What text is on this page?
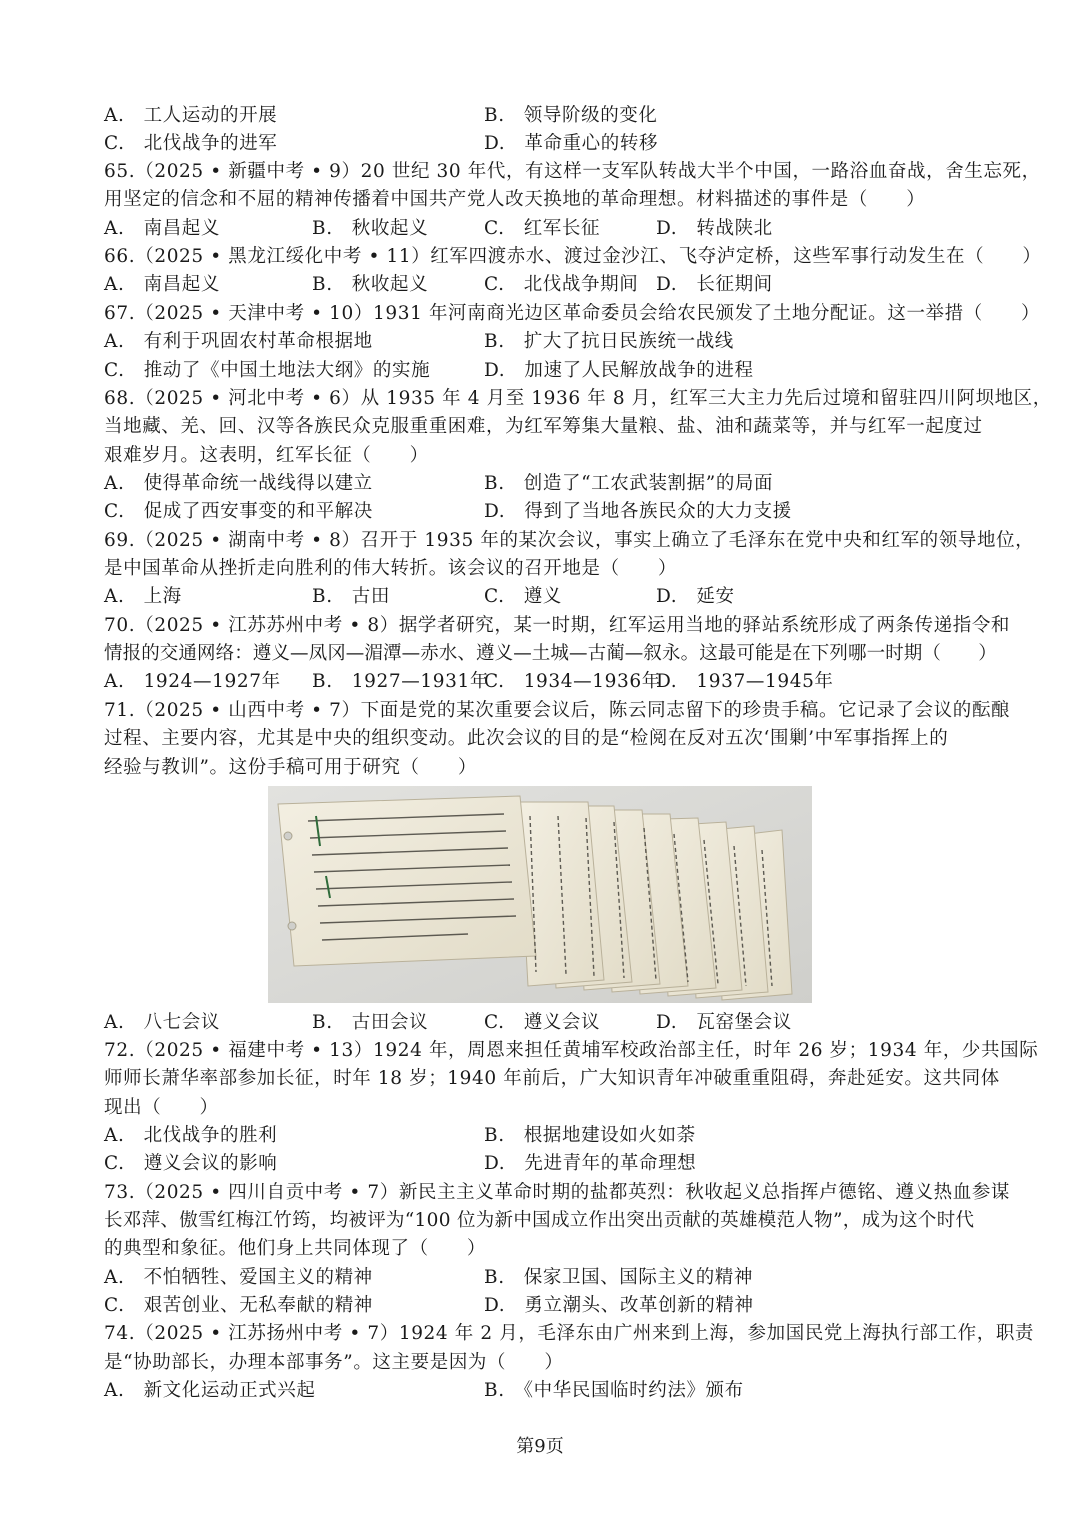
A.　 工人运动的开展	B.　 领导阶级的变化
C.　 北伐战争的进军	D.　 革命重心的转移
65.（2025 • 新疆中考 • 9）20 世纪 30 年代，有这样一支军队转战大半个中国，一路浴血奋战，舍生忘死，
用坚定的信念和不屈的精神传播着中国共产党人改天换地的革命理想。材料描述的事件是（　　）
A.　 南昌起义	B.　 秋收起义	C.　 红军长征	D.　 转战陕北
66.（2025 • 黑龙江绥化中考 • 11）红军四渡赤水、渡过金沙江、飞夺泸定桥，这些军事行动发生在（　　）
A.　 南昌起义	B.　 秋收起义	C.　 北伐战争期间 D.　 长征期间
67.（2025 • 天津中考 • 10）1931 年河南商光边区革命委员会给农民颁发了土地分配证。这一举措（　　）
A.　 有利于巩固农村革命根据地	B.　 扩大了抗日民族统一战线
C.　 推动了《中国土地法大纲》的实施	D.　 加速了人民解放战争的进程
68.（2025 • 河北中考 • 6）从 1935 年 4 月至 1936 年 8 月，红军三大主力先后过境和留驻四川阿坝地区，
当地藏、羌、回、汉等各族民众克服重重困难，为红军筹集大量粮、盐、油和蔬菜等，并与红军一起度过
艰难岁月。这表明，红军长征（　　）
A.　 使得革命统一战线得以建立	B.　 创造了“工农武装割据”的局面
C.　 促成了西安事变的和平解决	D.　 得到了当地各族民众的大力支援
69.（2025 • 湖南中考 • 8）召开于 1935 年的某次会议，事实上确立了毛泽东在党中央和红军的领导地位，
是中国革命从挫折走向胜利的伟大转折。该会议的召开地是（　　）
A.　 上海	B.　 古田	C.　 遵义	D.　 延安
70.（2025 • 江苏苏州中考 • 8）据学者研究，某一时期，红军运用当地的驿站系统形成了两条传递指令和
情报的交通网络：遵义—凤冈—湄潭—赤水、遵义—土城—古蔺—叙永。这最可能是在下列哪一时期（　　）
A.　 1924—1927年 B.　 1927—1931年
C.　 1934—1936年
D.　 1937—1945年
71.（2025 • 山西中考 • 7）下面是党的某次重要会议后，陈云同志留下的珍贵手稿。它记录了会议的酝酿
过程、主要内容，尤其是中央的组织变动。此次会议的目的是“检阅在反对五次‘围剿’中军事指挥上的
经验与教训”。这份手稿可用于研究（　　）
A.　 八七会议	B.　 古田会议	C.　 遵义会议	D.　 瓦窑堡会议
72.（2025 • 福建中考 • 13）1924 年，周恩来担任黄埔军校政治部主任，时年 26 岁；1934 年，少共国际
师师长萧华率部参加长征，时年 18 岁；1940 年前后，广大知识青年冲破重重阻碍，奔赴延安。这共同体
现出（　　）
A.　 北伐战争的胜利	B.　 根据地建设如火如荼
C.　 遵义会议的影响	D.　 先进青年的革命理想
73.（2025 • 四川自贡中考 • 7）新民主主义革命时期的盐都英烈：秋收起义总指挥卢德铭、遵义热血参谋
长邓萍、傲雪红梅江竹筠，均被评为“100 位为新中国成立作出突出贡献的英雄模范人物”，成为这个时代
的典型和象征。他们身上共同体现了（　　）
A.　 不怕牺牲、爱国主义的精神	B.　 保家卫国、国际主义的精神
C.　 艰苦创业、无私奉献的精神	D.　 勇立潮头、改革创新的精神
74.（2025 • 江苏扬州中考 • 7）1924 年 2 月，毛泽东由广州来到上海，参加国民党上海执行部工作，职责
是“协助部长，办理本部事务”。这主要是因为（　　）
A.　 新文化运动正式兴起	B.　 《中华民国临时约法》颁布
第9页
